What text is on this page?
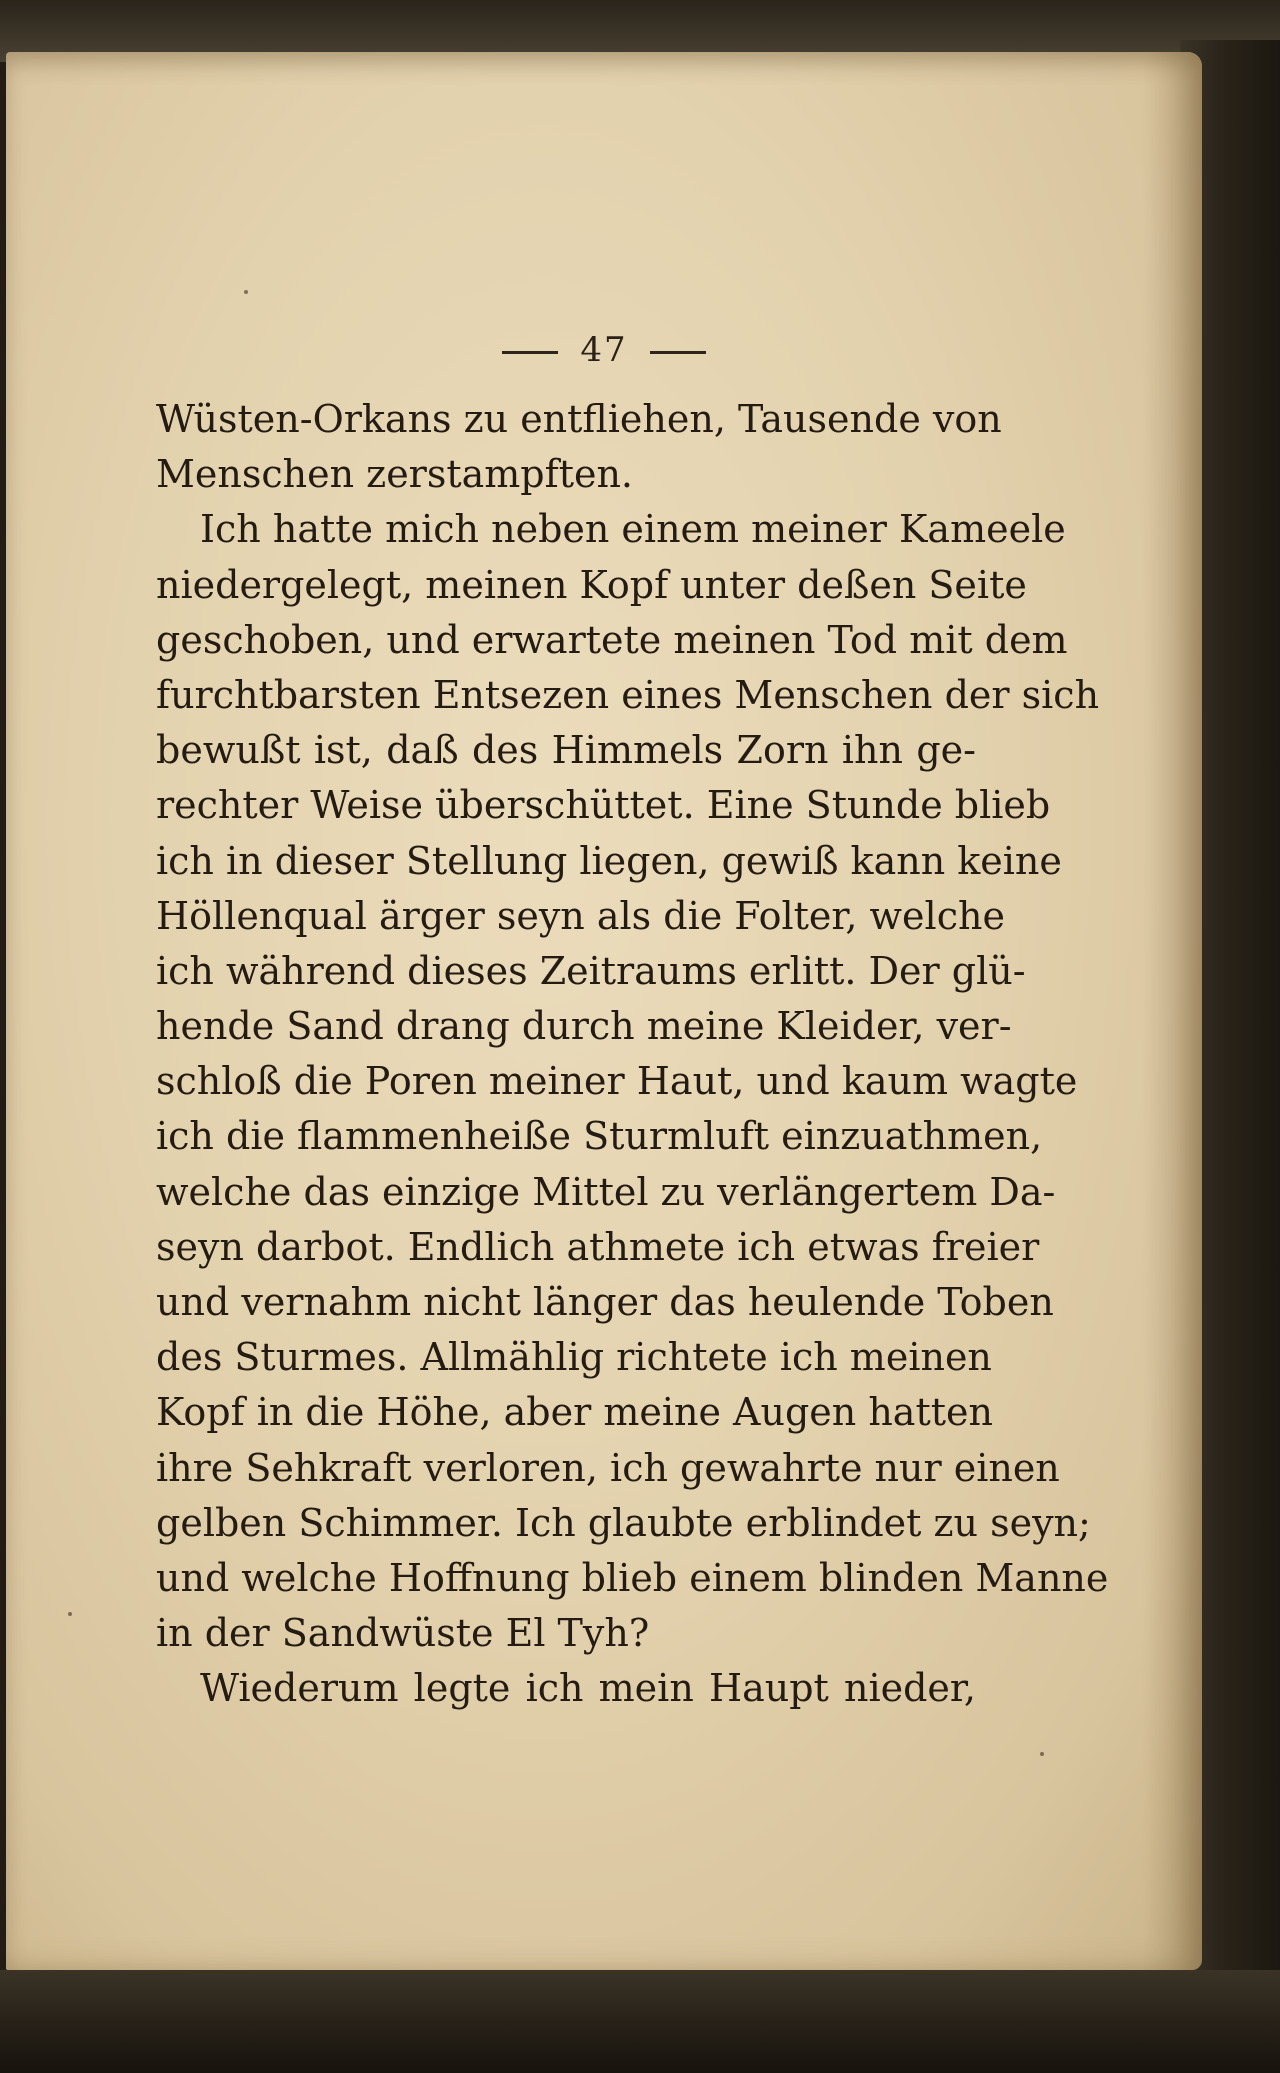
47
Wüsten-Orkans zu entfliehen, Tausende von
Menschen zerstampften.
Ich hatte mich neben einem meiner Kameele
niedergelegt, meinen Kopf unter deßen Seite
geschoben, und erwartete meinen Tod mit dem
furchtbarsten Entsezen eines Menschen der sich
bewußt ist, daß des Himmels Zorn ihn ge-
rechter Weise überschüttet. Eine Stunde blieb
ich in dieser Stellung liegen, gewiß kann keine
Höllenqual ärger seyn als die Folter, welche
ich während dieses Zeitraums erlitt. Der glü-
hende Sand drang durch meine Kleider, ver-
schloß die Poren meiner Haut, und kaum wagte
ich die flammenheiße Sturmluft einzuathmen,
welche das einzige Mittel zu verlängertem Da-
seyn darbot. Endlich athmete ich etwas freier
und vernahm nicht länger das heulende Toben
des Sturmes. Allmählig richtete ich meinen
Kopf in die Höhe, aber meine Augen hatten
ihre Sehkraft verloren, ich gewahrte nur einen
gelben Schimmer. Ich glaubte erblindet zu seyn;
und welche Hoffnung blieb einem blinden Manne
in der Sandwüste El Tyh?
Wiederum legte ich mein Haupt nieder,
